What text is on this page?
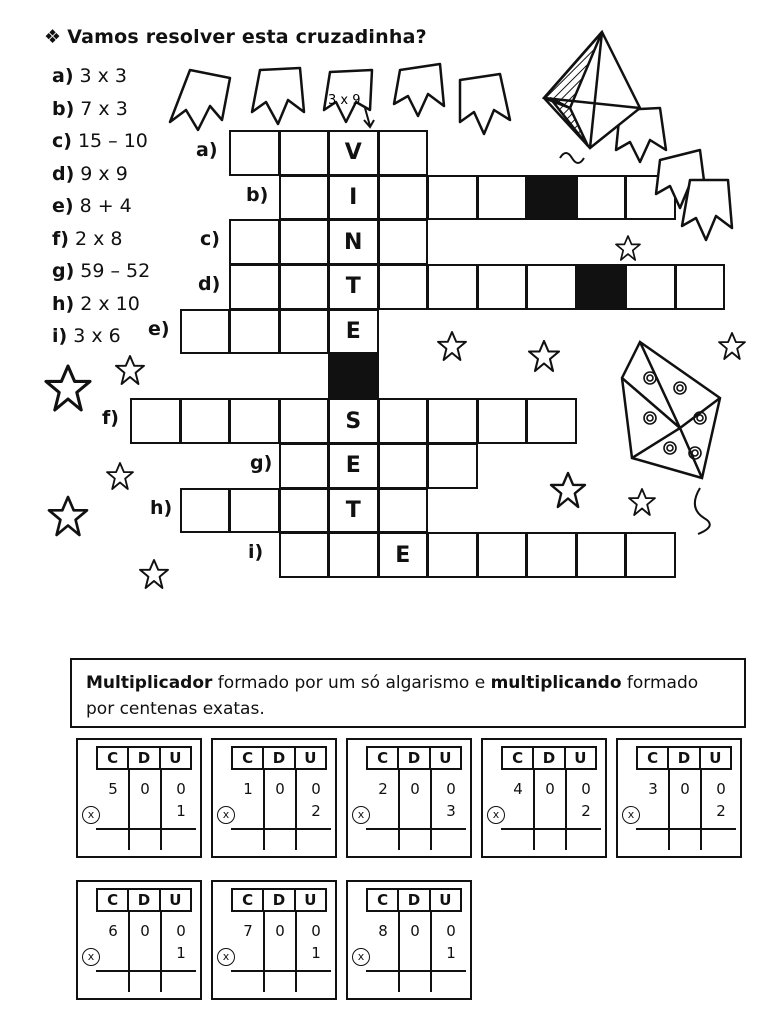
❖ Vamos resolver esta cruzadinha?
a) 3 x 3
b) 7 x 3
c) 15 – 10
d) 9 x 9
e) 8 + 4
f) 2 x 8
g) 59 – 52
h) 2 x 10
i) 3 x 6
a)	V
b)	I
c)	N
d)	T
e)	E
f)	S
g)	E
h)	T
i)	E
3 x 9
Multiplicador formado por um só algarismo e multiplicando formado por centenas exatas.
C	D	U
5 0 0
1
x
C	D	U
1 0 0
2
x
C	D	U
2 0 0
3
x
C	D	U
4 0 0
2
x
C	D	U
3 0 0
2
x
C	D	U
6 0 0
1
x
C	D	U
7 0 0
1
x
C	D	U
8 0 0
1
x
